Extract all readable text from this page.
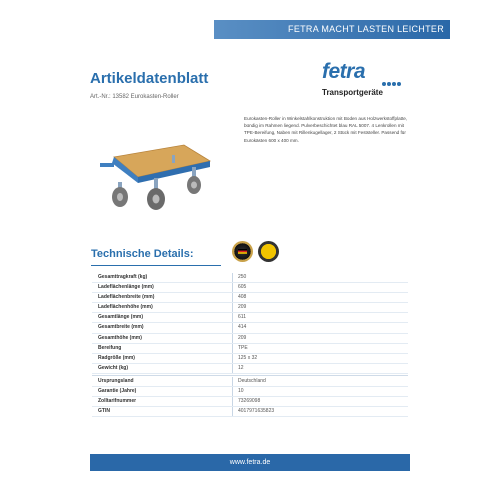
FETRA MACHT LASTEN LEICHTER
Artikeldatenblatt
Art.-Nr.: 13582 Eurokasten-Roller
fetra
Transportgeräte
Eurokasten-Roller in Winkelstahlkonstruktion mit Boden aus Holzwerkstoffplatte, bündig im Rahmen liegend. Pulverbeschichtet blau RAL 5007. 4 Lenkrollen mit TPE-Bereifung, Naben mit Rillenkugellager, 2 Stück mit Feststeller. Passend für Eurokästen 600 x 400 mm.
Technische Details:
Gesamttragkraft (kg)	250
Ladeflächenlänge (mm)	605
Ladeflächenbreite (mm)	408
Ladeflächenhöhe (mm)	209
Gesamtlänge (mm)	611
Gesamtbreite (mm)	414
Gesamthöhe (mm)	209
Bereifung	TPE
Radgröße (mm)	125 x 32
Gewicht (kg)	12
Ursprungsland	Deutschland
Garantie (Jahre)	10
Zolltarifnummer	73269098
GTIN	4017971635823
www.fetra.de
